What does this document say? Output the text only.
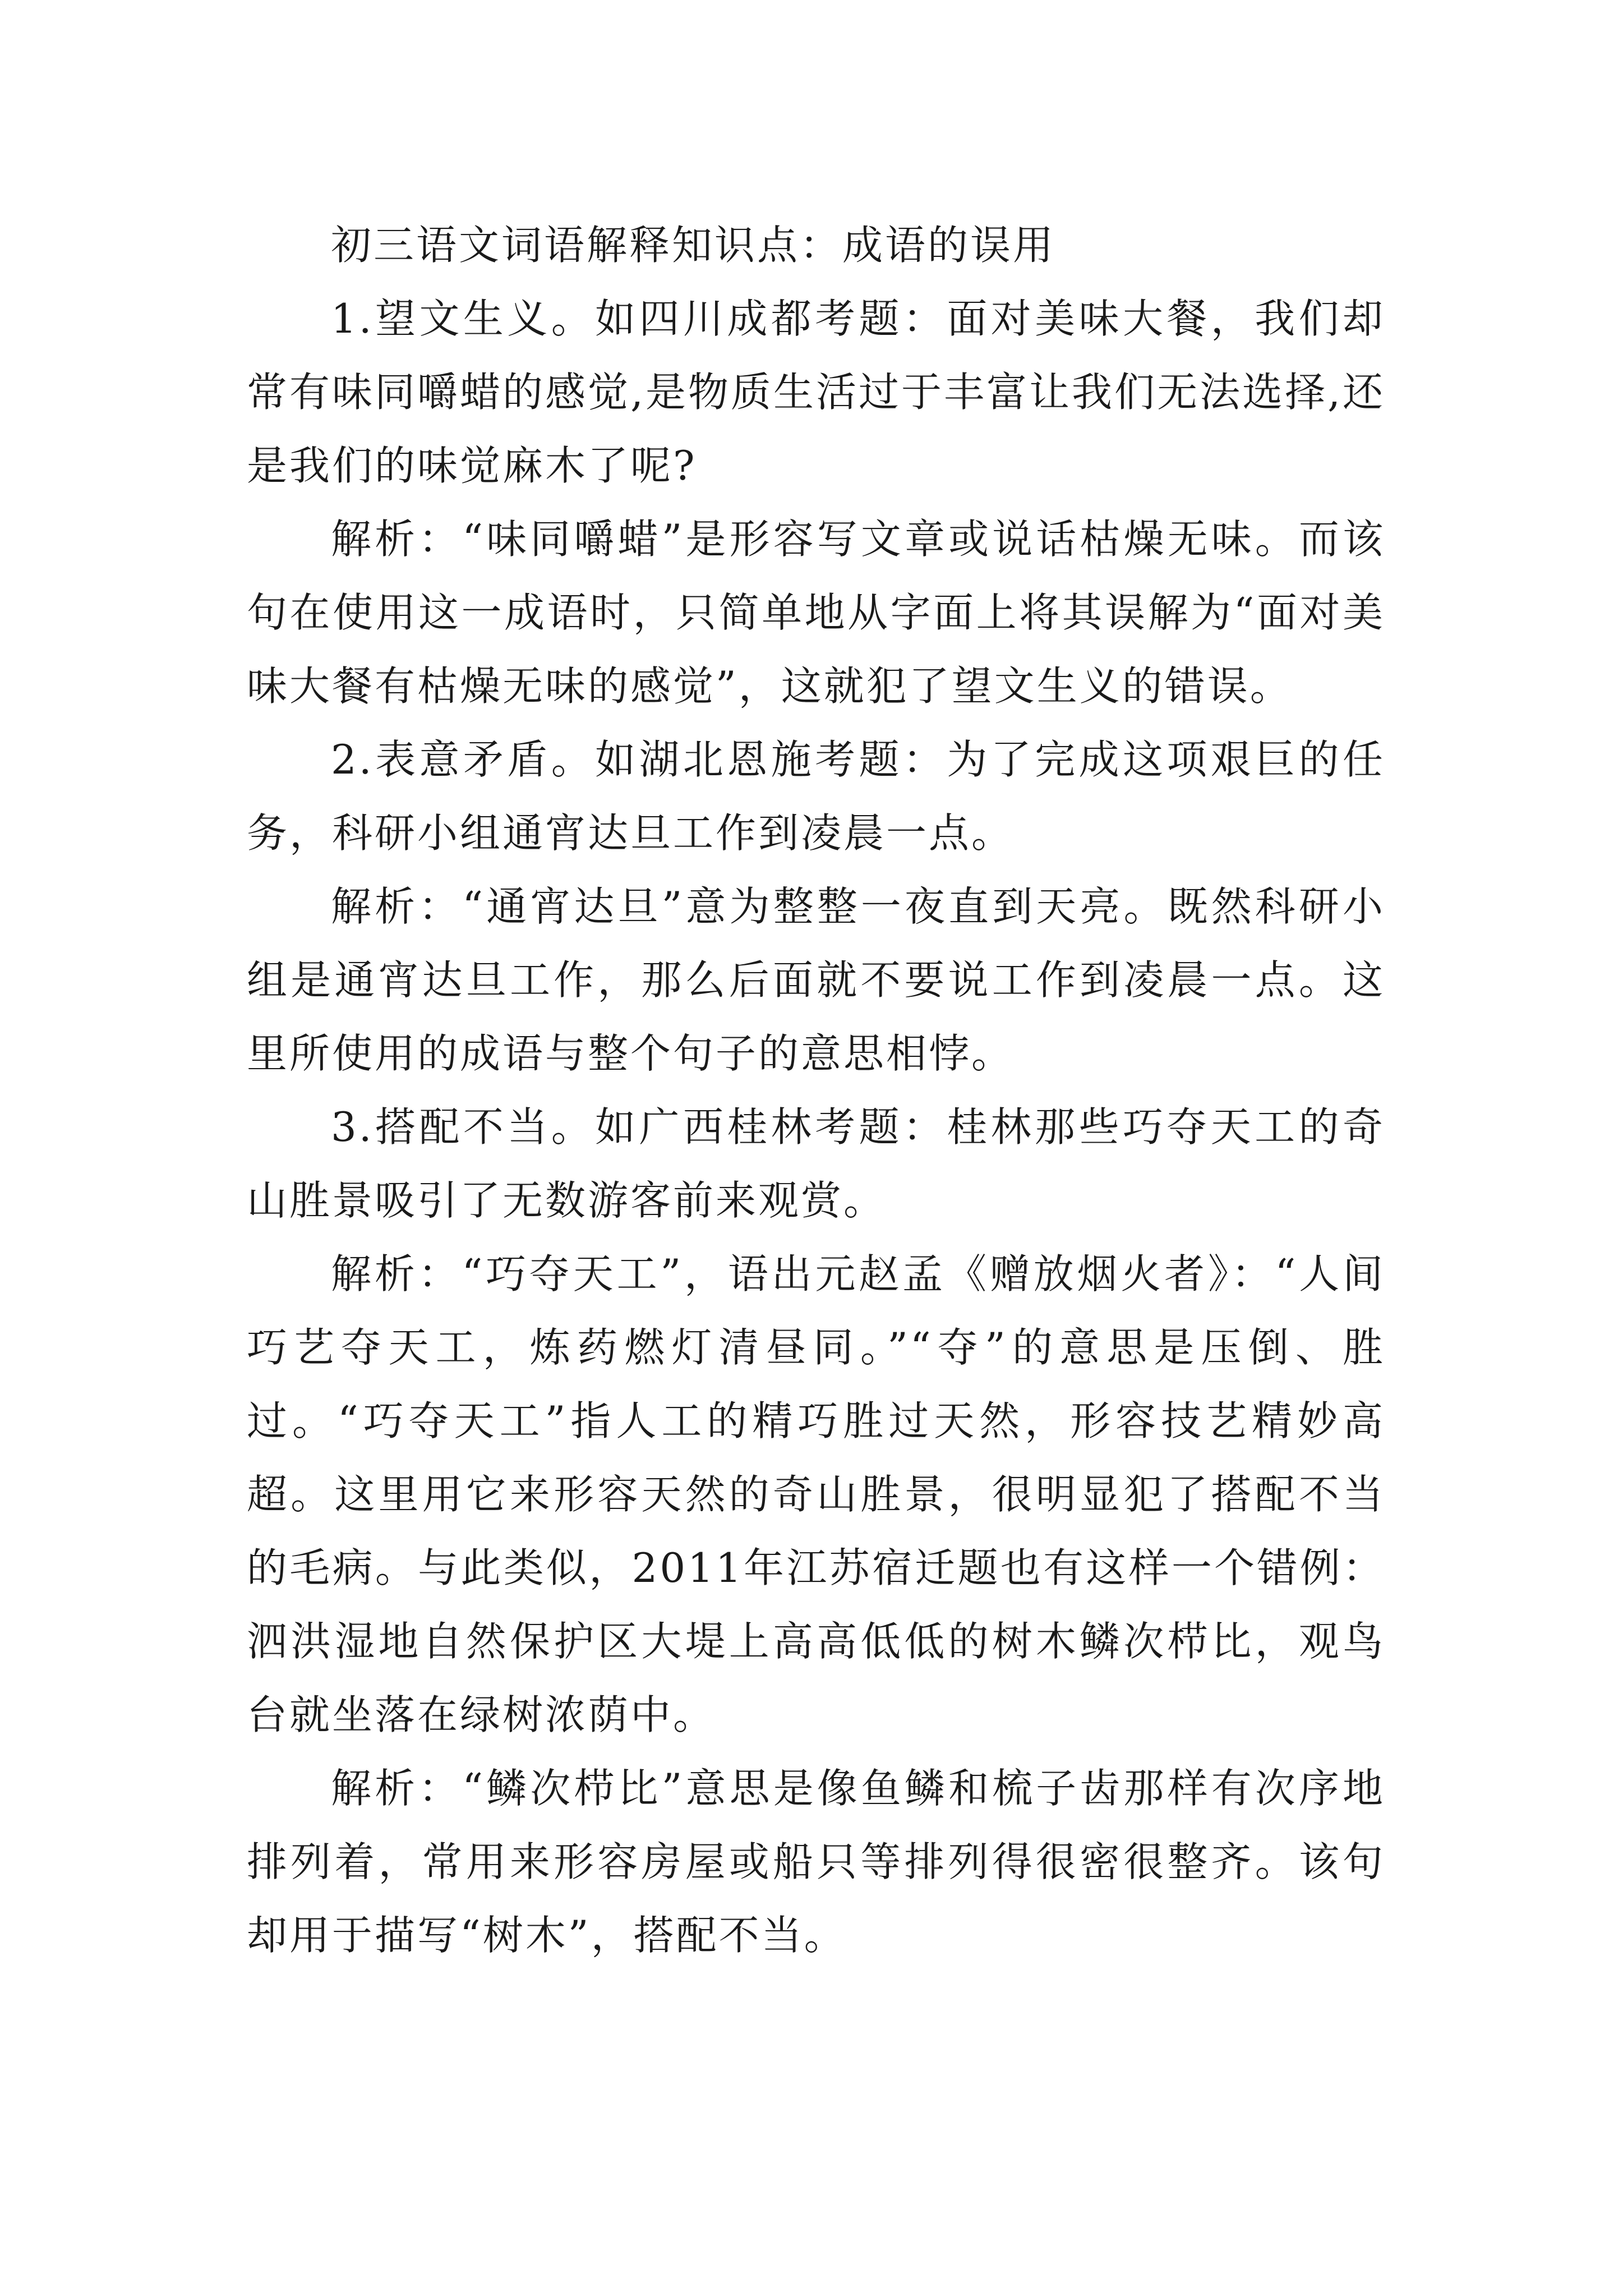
初三语文词语解释知识点：成语的误用

1.望文生义。如四川成都考题：面对美味大餐，我们却常有味同嚼蜡的感觉,是物质生活过于丰富让我们无法选择,还是我们的味觉麻木了呢?

解析：“味同嚼蜡”是形容写文章或说话枯燥无味。而该句在使用这一成语时，只简单地从字面上将其误解为“面对美味大餐有枯燥无味的感觉”，这就犯了望文生义的错误。

2.表意矛盾。如湖北恩施考题：为了完成这项艰巨的任务，科研小组通宵达旦工作到凌晨一点。

解析：“通宵达旦”意为整整一夜直到天亮。既然科研小组是通宵达旦工作，那么后面就不要说工作到凌晨一点。这里所使用的成语与整个句子的意思相悖。

3.搭配不当。如广西桂林考题：桂林那些巧夺天工的奇山胜景吸引了无数游客前来观赏。

解析：“巧夺天工”，语出元赵孟《赠放烟火者》：“人间巧艺夺天工，炼药燃灯清昼同。”“夺”的意思是压倒、胜过。“巧夺天工”指人工的精巧胜过天然，形容技艺精妙高超。这里用它来形容天然的奇山胜景，很明显犯了搭配不当的毛病。与此类似，2011年江苏宿迁题也有这样一个错例：泗洪湿地自然保护区大堤上高高低低的树木鳞次栉比，观鸟台就坐落在绿树浓荫中。

解析：“鳞次栉比”意思是像鱼鳞和梳子齿那样有次序地排列着，常用来形容房屋或船只等排列得很密很整齐。该句却用于描写“树木”，搭配不当。
